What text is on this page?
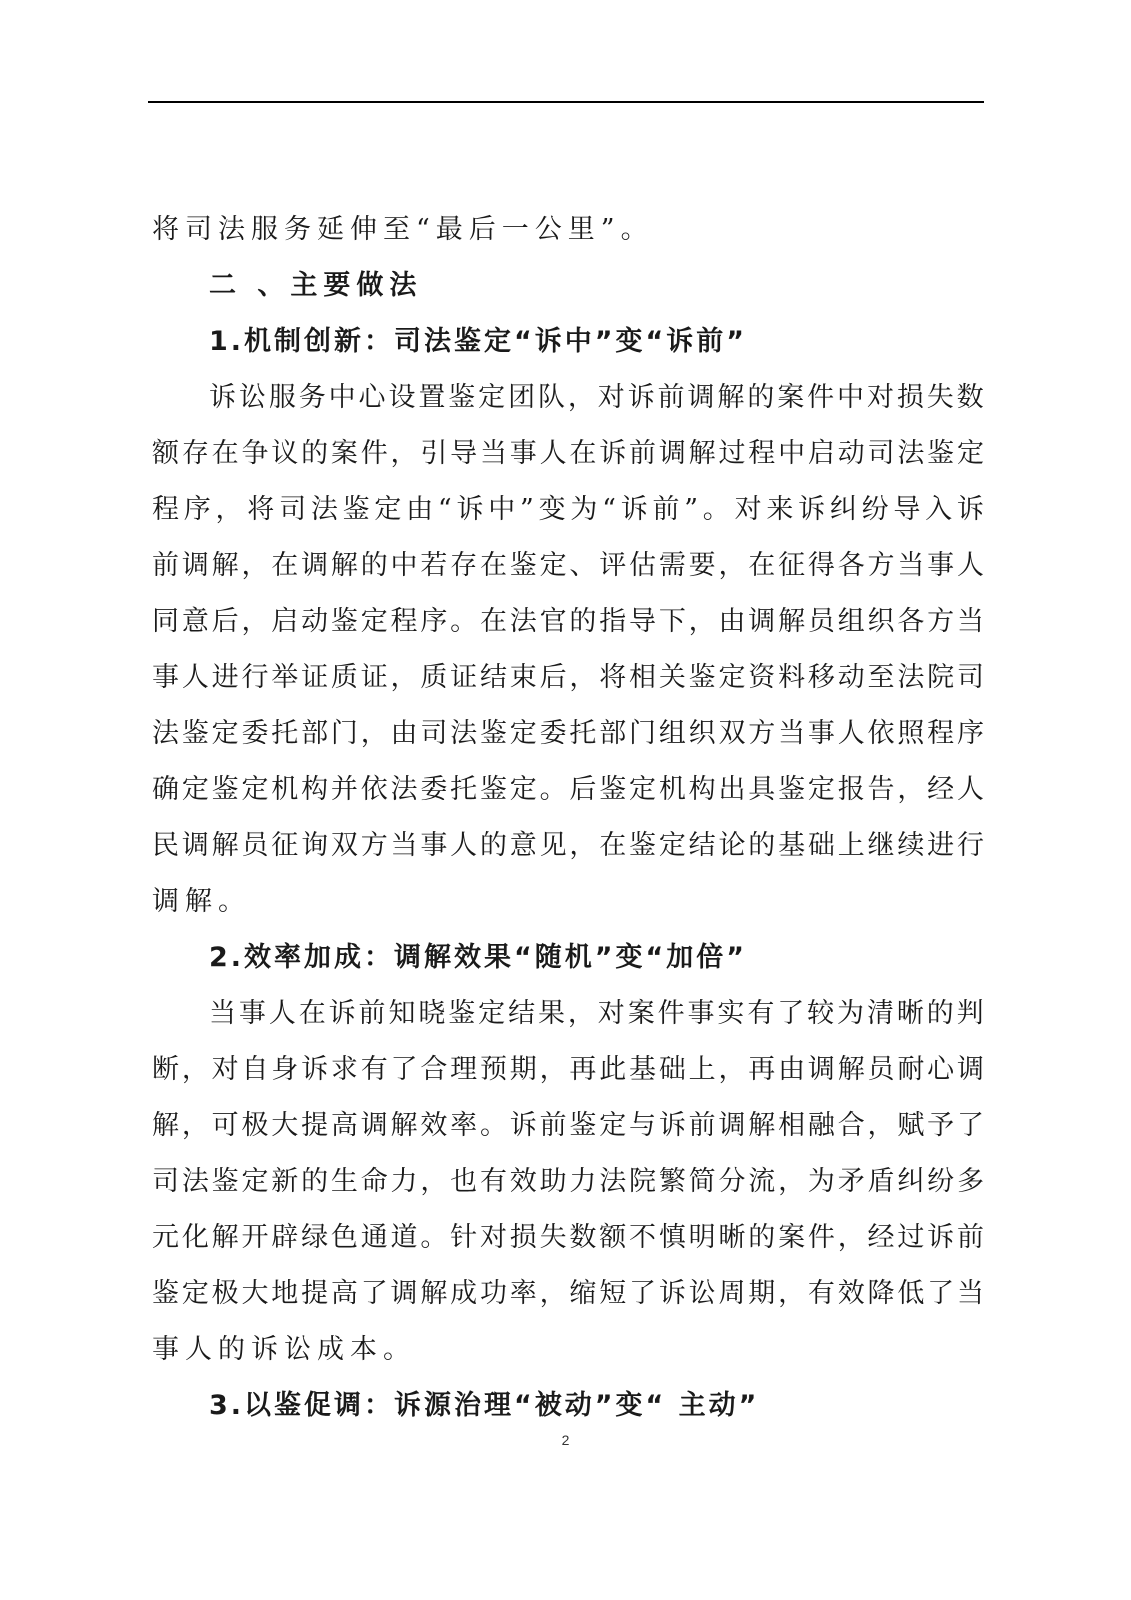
将司法服务延伸至“最后一公里”。
二 、主要做法
1.机制创新：司法鉴定“诉中”变“诉前”
诉 讼 服 务 中 心 设 置 鉴 定 团 队 ， 对 诉 前 调 解 的 案 件 中 对 损 失 数
额 存 在 争 议 的 案 件 ， 引 导 当 事 人 在 诉 前 调 解 过 程 中 启 动 司 法 鉴 定
程 序 ， 将 司 法 鉴 定 由 “ 诉 中 ” 变 为 “ 诉 前 ” 。 对 来 诉 纠 纷 导 入 诉
前 调 解 ， 在 调 解 的 中 若 存 在 鉴 定 、 评 估 需 要 ， 在 征 得 各 方 当 事 人
同 意 后 ， 启 动 鉴 定 程 序 。 在 法 官 的 指 导 下 ， 由 调 解 员 组 织 各 方 当
事 人 进 行 举 证 质 证 ， 质 证 结 束 后 ， 将 相 关 鉴 定 资 料 移 动 至 法 院 司
法 鉴 定 委 托 部 门 ， 由 司 法 鉴 定 委 托 部 门 组 织 双 方 当 事 人 依 照 程 序
确 定 鉴 定 机 构 并 依 法 委 托 鉴 定 。 后 鉴 定 机 构 出 具 鉴 定 报 告 ， 经 人
民 调 解 员 征 询 双 方 当 事 人 的 意 见 ， 在 鉴 定 结 论 的 基 础 上 继 续 进 行
调解。
2.效率加成：调解效果“随机”变“加倍”
当 事 人 在 诉 前 知 晓 鉴 定 结 果 ， 对 案 件 事 实 有 了 较 为 清 晰 的 判
断 ， 对 自 身 诉 求 有 了 合 理 预 期 ， 再 此 基 础 上 ， 再 由 调 解 员 耐 心 调
解 ， 可 极 大 提 高 调 解 效 率 。 诉 前 鉴 定 与 诉 前 调 解 相 融 合 ， 赋 予 了
司 法 鉴 定 新 的 生 命 力 ， 也 有 效 助 力 法 院 繁 简 分 流 ， 为 矛 盾 纠 纷 多
元 化 解 开 辟 绿 色 通 道 。 针 对 损 失 数 额 不 慎 明 晰 的 案 件 ， 经 过 诉 前
鉴 定 极 大 地 提 高 了 调 解 成 功 率 ， 缩 短 了 诉 讼 周 期 ， 有 效 降 低 了 当
事人的诉讼成本。
3.以鉴促调：诉源治理“被动”变“ 主动”
2
